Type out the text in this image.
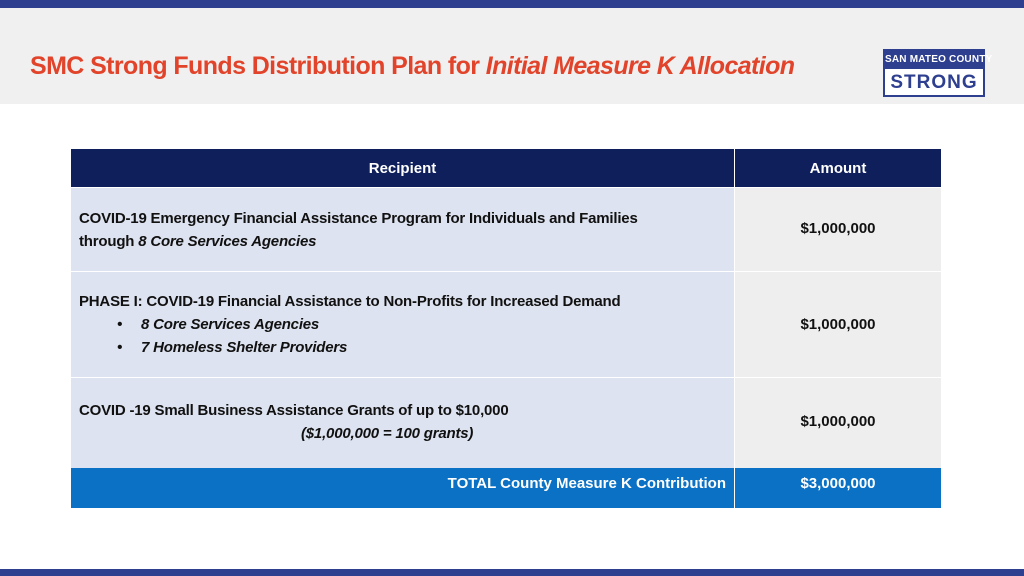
SMC Strong Funds Distribution Plan for Initial Measure K Allocation	SAN MATEO COUNTY
STRONG
Recipient	Amount
COVID-19 Emergency Financial Assistance Program for Individuals and Families
through 8 Core Services Agencies
$1,000,000
PHASE I: COVID-19 Financial Assistance to Non-Profits for Increased Demand
• 8 Core Services Agencies
• 7 Homeless Shelter Providers
$1,000,000
COVID -19 Small Business Assistance Grants of up to $10,000
($1,000,000 = 100 grants)
$1,000,000
TOTAL County Measure K Contribution	$3,000,000
